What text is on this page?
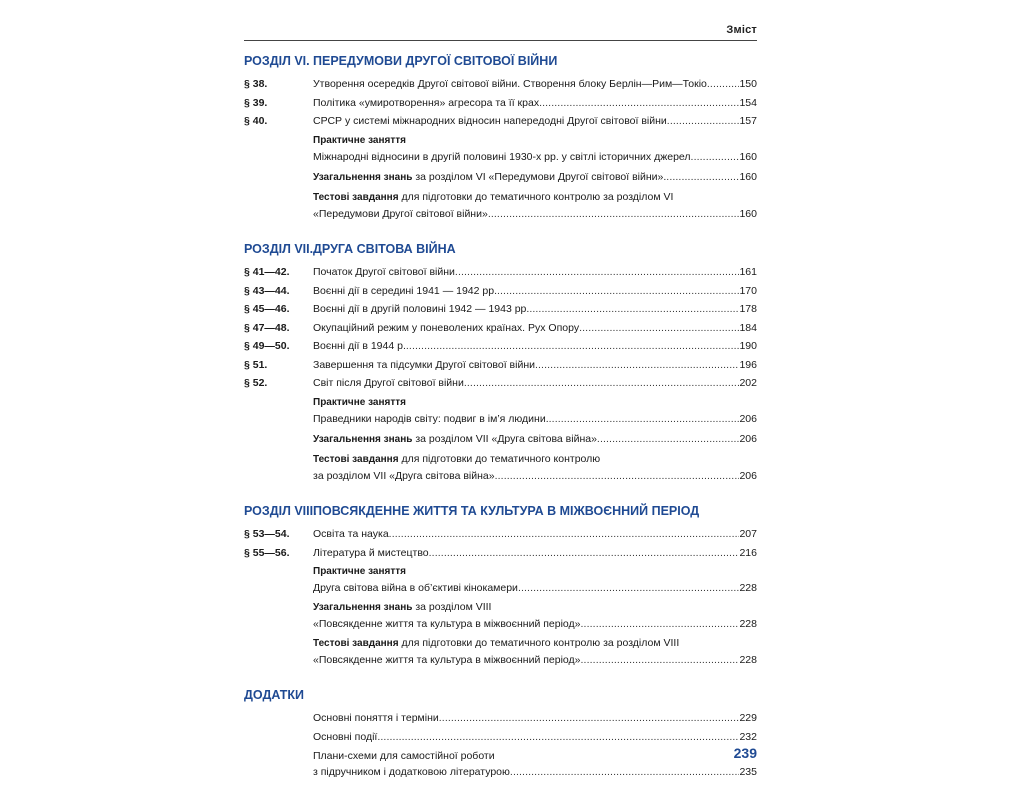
Зміст
РОЗДІЛ VI. ПЕРЕДУМОВИ ДРУГОЇ СВІТОВОЇ ВІЙНИ
§ 38.	Утворення осередків Другої світової війни. Створення блоку Берлін—Рим—Токіо . . .	150
§ 39.	Політика «умиротворення» агресора та її крах . . .	154
§ 40.	СРСР у системі міжнародних відносин напередодні Другої світової війни . . .	157
Практичне заняття
Міжнародні відносини в другій половині 1930-х рр. у світлі історичних джерел . . .	160
Узагальнення знань за розділом VI «Передумови Другої світової війни». . . .	160
Тестові завдання для підготовки до тематичного контролю за розділом VI
«Передумови Другої світової війни» . . .	160
РОЗДІЛ VII. ДРУГА СВІТОВА ВІЙНА
§ 41—42.	Початок Другої світової війни . . .	161
§ 43—44.	Воєнні дії в середині 1941 — 1942 рр. . . .	170
§ 45—46.	Воєнні дії в другій половині 1942 — 1943 рр. . . .	178
§ 47—48.	Окупаційний режим у поневолених країнах. Рух Опору . . .	184
§ 49—50.	Воєнні дії в 1944 р. . . .	190
§ 51.	Завершення та підсумки Другої світової війни . . .	196
§ 52.	Світ після Другої світової війни . . .	202
Практичне заняття
Праведники народів світу: подвиг в ім’я людини. . . .	206
Узагальнення знань за розділом VII «Друга світова війна» . . .	206
Тестові завдання для підготовки до тематичного контролю
за розділом VII «Друга світова війна» . . .	206
РОЗДІЛ VIII.
ПОВСЯКДЕННЕ ЖИТТЯ ТА КУЛЬТУРА В МІЖВОЄННИЙ ПЕРІОД
§ 53—54.	Освіта та наука . . .	207
§ 55—56.	Література й мистецтво . . .	216
Практичне заняття
Друга світова війна в об’єктиві кінокамери . . .	228
Узагальнення знань за розділом VIII
«Повсякденне життя та культура в міжвоєнний період» . . .	228
Тестові завдання для підготовки до тематичного контролю за розділом VIII
«Повсякденне життя та культура в міжвоєнний період» . . .	228
ДОДАТКИ
Основні поняття і терміни . . .	229
Основні події . . .	232
Плани-схеми для самостійної роботи
з підручником і додатковою літературою . . .	235
239
